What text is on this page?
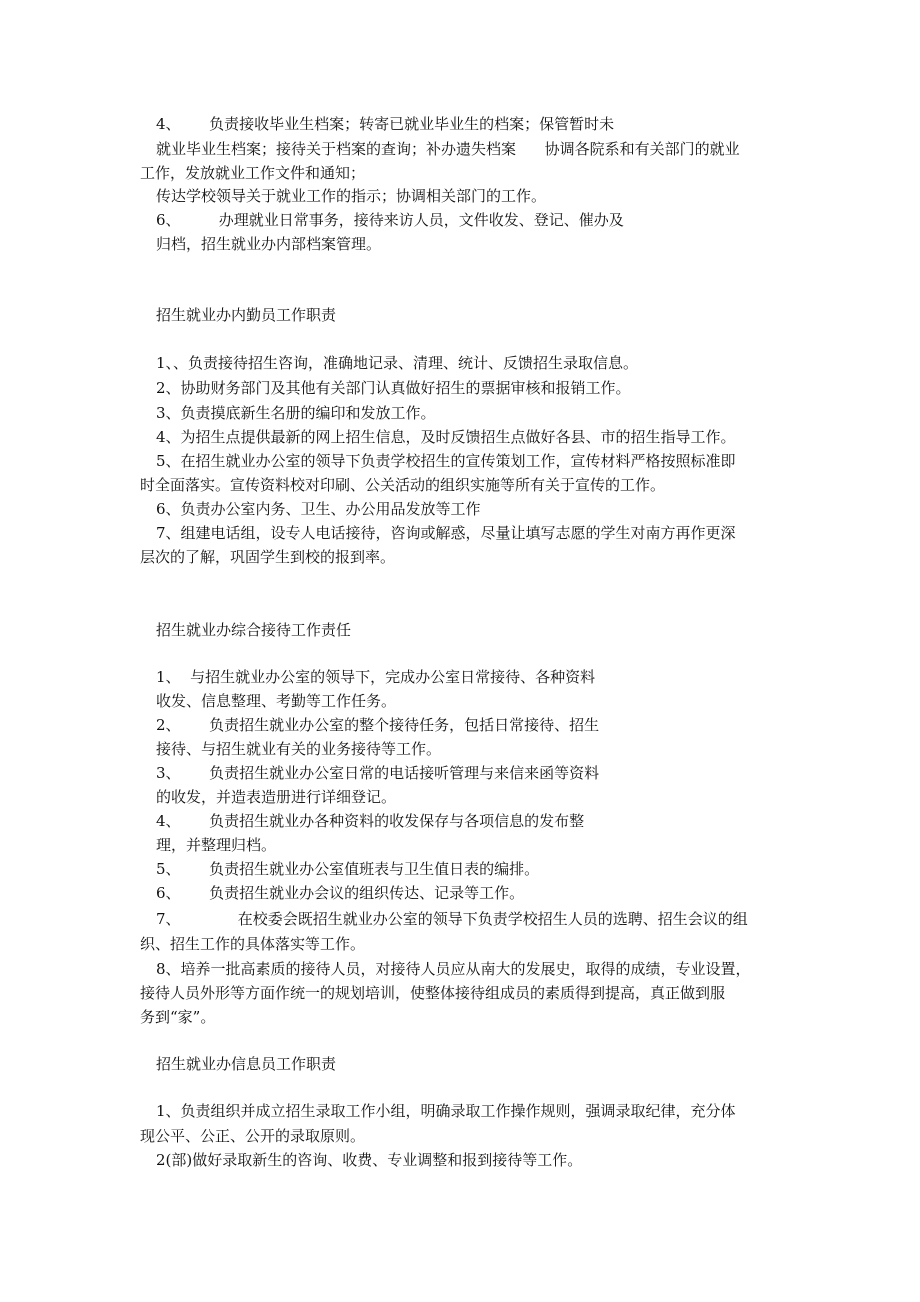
4、      负责接收毕业生档案；转寄已就业毕业生的档案；保管暂时未
就业毕业生档案；接待关于档案的查询；补办遗失档案      协调各院系和有关部门的就业
工作，发放就业工作文件和通知；
传达学校领导关于就业工作的指示；协调相关部门的工作。
6、        办理就业日常事务，接待来访人员，文件收发、登记、催办及
归档，招生就业办内部档案管理。
招生就业办内勤员工作职责
1、、负责接待招生咨询，准确地记录、清理、统计、反馈招生录取信息。
2、协助财务部门及其他有关部门认真做好招生的票据审核和报销工作。
3、负责摸底新生名册的编印和发放工作。
4、为招生点提供最新的网上招生信息，及时反馈招生点做好各县、市的招生指导工作。
5、在招生就业办公室的领导下负责学校招生的宣传策划工作，宣传材料严格按照标准即
时全面落实。宣传资料校对印刷、公关活动的组织实施等所有关于宣传的工作。
6、负责办公室内务、卫生、办公用品发放等工作
7、组建电话组，设专人电话接待，咨询或解惑，尽量让填写志愿的学生对南方再作更深
层次的了解，巩固学生到校的报到率。
招生就业办综合接待工作责任
1、  与招生就业办公室的领导下，完成办公室日常接待、各种资料
收发、信息整理、考勤等工作任务。
2、      负责招生就业办公室的整个接待任务，包括日常接待、招生
接待、与招生就业有关的业务接待等工作。
3、      负责招生就业办公室日常的电话接听管理与来信来函等资料
的收发，并造表造册进行详细登记。
4、      负责招生就业办各种资料的收发保存与各项信息的发布整
理，并整理归档。
5、      负责招生就业办公室值班表与卫生值日表的编排。
6、      负责招生就业办会议的组织传达、记录等工作。
7、            在校委会既招生就业办公室的领导下负责学校招生人员的选聘、招生会议的组
织、招生工作的具体落实等工作。
8、培养一批高素质的接待人员，对接待人员应从南大的发展史，取得的成绩，专业设置，
接待人员外形等方面作统一的规划培训，使整体接待组成员的素质得到提高，真正做到服
务到“家”。
招生就业办信息员工作职责
1、负责组织并成立招生录取工作小组，明确录取工作操作规则，强调录取纪律，充分体
现公平、公正、公开的录取原则。
2(部)做好录取新生的咨询、收费、专业调整和报到接待等工作。
